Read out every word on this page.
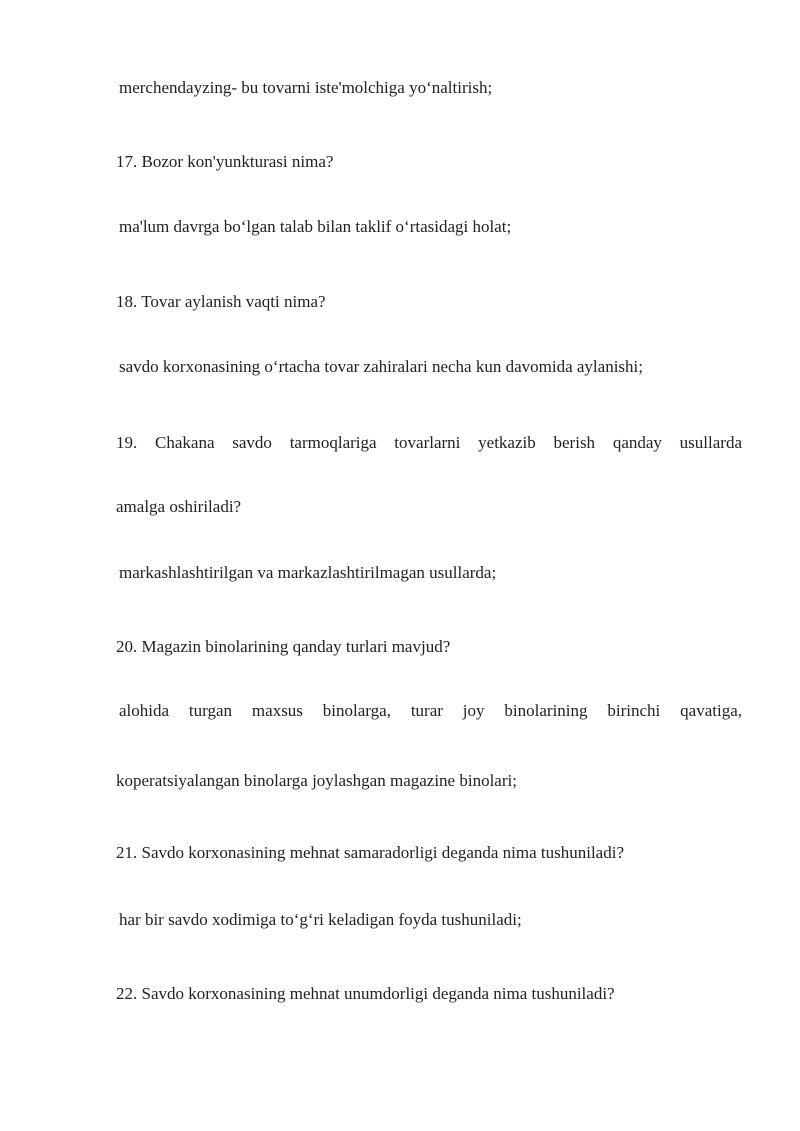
merchendayzing- bu tovarni iste'molchiga yo‘naltirish;
17. Bozor kon'yunkturasi nima?
ma'lum davrga bo‘lgan talab bilan taklif o‘rtasidagi holat;
18. Tovar aylanish vaqti nima?
savdo korxonasining o‘rtacha tovar zahiralari necha kun davomida aylanishi;
19. Chakana savdo tarmoqlariga tovarlarni yetkazib berish qanday usullarda
amalga oshiriladi?
markashlashtirilgan va markazlashtirilmagan usullarda;
20. Magazin binolarining qanday turlari mavjud?
alohida turgan maxsus binolarga, turar joy binolarining birinchi qavatiga,
koperatsiyalangan binolarga joylashgan magazine binolari;
21. Savdo korxonasining mehnat samaradorligi deganda nima tushuniladi?
har bir savdo xodimiga to‘g‘ri keladigan foyda tushuniladi;
22. Savdo korxonasining mehnat unumdorligi deganda nima tushuniladi?
